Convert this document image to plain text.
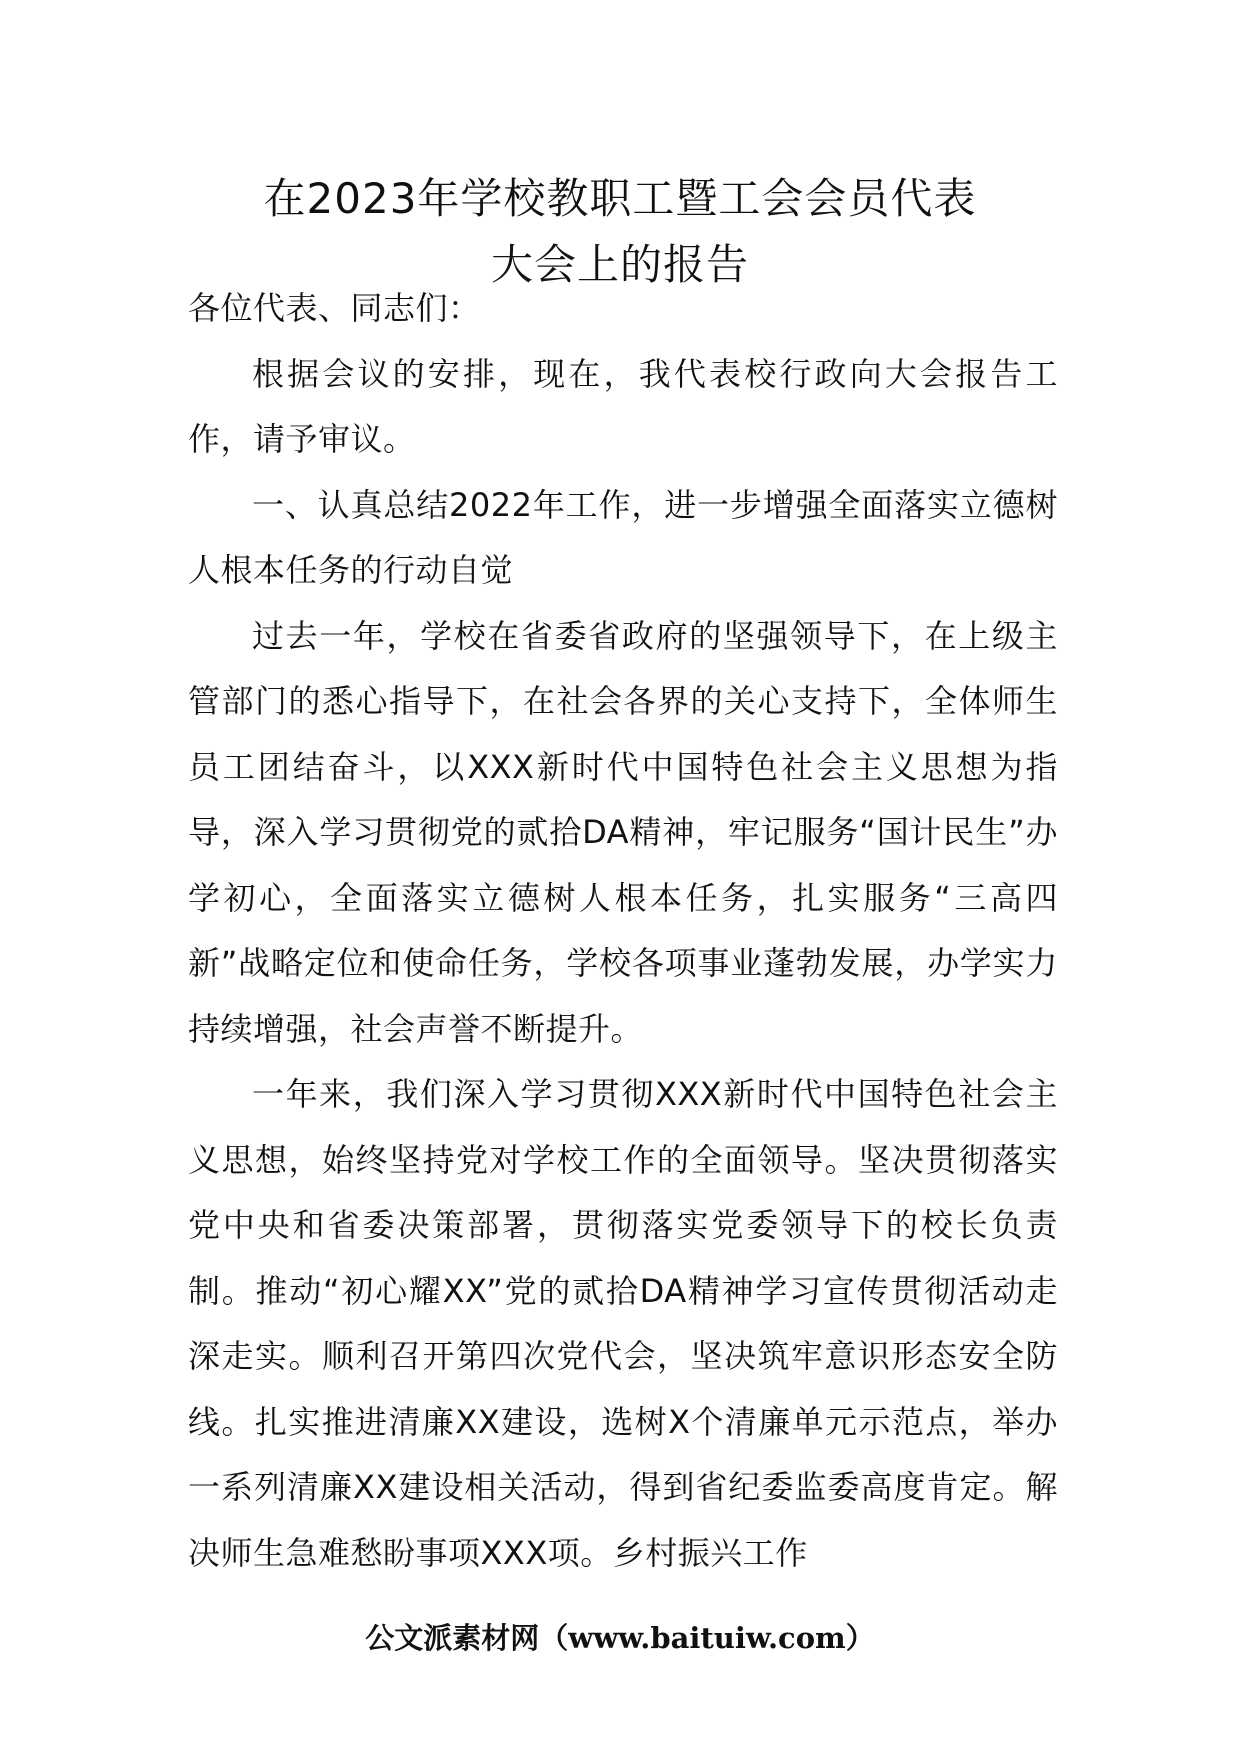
在2023年学校教职工暨工会会员代表
大会上的报告

各位代表、同志们：

根据会议的安排，现在，我代表校行政向大会报告工作，请予审议。

一、认真总结2022年工作，进一步增强全面落实立德树人根本任务的行动自觉

过去一年，学校在省委省政府的坚强领导下，在上级主管部门的悉心指导下，在社会各界的关心支持下，全体师生员工团结奋斗，以XXX新时代中国特色社会主义思想为指导，深入学习贯彻党的贰拾DA精神，牢记服务“国计民生”办学初心，全面落实立德树人根本任务，扎实服务“三高四新”战略定位和使命任务，学校各项事业蓬勃发展，办学实力持续增强，社会声誉不断提升。

一年来，我们深入学习贯彻XXX新时代中国特色社会主义思想，始终坚持党对学校工作的全面领导。坚决贯彻落实党中央和省委决策部署，贯彻落实党委领导下的校长负责制。推动“初心耀XX”党的贰拾DA精神学习宣传贯彻活动走深走实。顺利召开第四次党代会，坚决筑牢意识形态安全防线。扎实推进清廉XX建设，选树X个清廉单元示范点，举办一系列清廉XX建设相关活动，得到省纪委监委高度肯定。解决师生急难愁盼事项XXX项。乡村振兴工作

公文派素材网（www.baituiw.com）
